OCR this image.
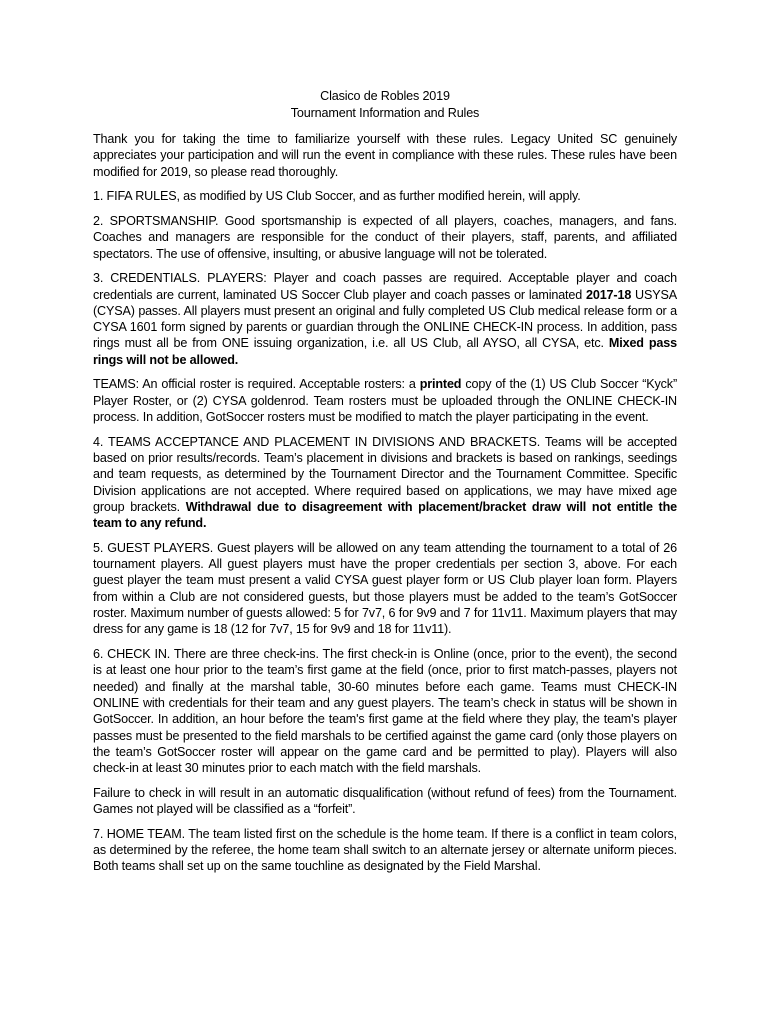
Clasico de Robles 2019
Tournament Information and Rules

Thank you for taking the time to familiarize yourself with these rules. Legacy United SC genuinely appreciates your participation and will run the event in compliance with these rules. These rules have been modified for 2019, so please read thoroughly.

1. FIFA RULES, as modified by US Club Soccer, and as further modified herein, will apply.

2. SPORTSMANSHIP. Good sportsmanship is expected of all players, coaches, managers, and fans. Coaches and managers are responsible for the conduct of their players, staff, parents, and affiliated spectators. The use of offensive, insulting, or abusive language will not be tolerated.

3. CREDENTIALS. PLAYERS: Player and coach passes are required. Acceptable player and coach credentials are current, laminated US Soccer Club player and coach passes or laminated 2017-18 USYSA (CYSA) passes. All players must present an original and fully completed US Club medical release form or a CYSA 1601 form signed by parents or guardian through the ONLINE CHECK-IN process. In addition, pass rings must all be from ONE issuing organization, i.e. all US Club, all AYSO, all CYSA, etc. Mixed pass rings will not be allowed.

TEAMS: An official roster is required. Acceptable rosters: a printed copy of the (1) US Club Soccer “Kyck” Player Roster, or (2) CYSA goldenrod. Team rosters must be uploaded through the ONLINE CHECK-IN process. In addition, GotSoccer rosters must be modified to match the player participating in the event.

4. TEAMS ACCEPTANCE AND PLACEMENT IN DIVISIONS AND BRACKETS. Teams will be accepted based on prior results/records. Team’s placement in divisions and brackets is based on rankings, seedings and team requests, as determined by the Tournament Director and the Tournament Committee. Specific Division applications are not accepted. Where required based on applications, we may have mixed age group brackets. Withdrawal due to disagreement with placement/bracket draw will not entitle the team to any refund.

5. GUEST PLAYERS. Guest players will be allowed on any team attending the tournament to a total of 26 tournament players. All guest players must have the proper credentials per section 3, above. For each guest player the team must present a valid CYSA guest player form or US Club player loan form. Players from within a Club are not considered guests, but those players must be added to the team’s GotSoccer roster. Maximum number of guests allowed: 5 for 7v7, 6 for 9v9 and 7 for 11v11. Maximum players that may dress for any game is 18 (12 for 7v7, 15 for 9v9 and 18 for 11v11).

6. CHECK IN. There are three check-ins. The first check-in is Online (once, prior to the event), the second is at least one hour prior to the team’s first game at the field (once, prior to first match-passes, players not needed) and finally at the marshal table, 30-60 minutes before each game. Teams must CHECK-IN ONLINE with credentials for their team and any guest players. The team’s check in status will be shown in GotSoccer. In addition, an hour before the team's first game at the field where they play, the team's player passes must be presented to the field marshals to be certified against the game card (only those players on the team’s GotSoccer roster will appear on the game card and be permitted to play). Players will also check-in at least 30 minutes prior to each match with the field marshals.

Failure to check in will result in an automatic disqualification (without refund of fees) from the Tournament. Games not played will be classified as a “forfeit”.

7. HOME TEAM. The team listed first on the schedule is the home team. If there is a conflict in team colors, as determined by the referee, the home team shall switch to an alternate jersey or alternate uniform pieces. Both teams shall set up on the same touchline as designated by the Field Marshal.
